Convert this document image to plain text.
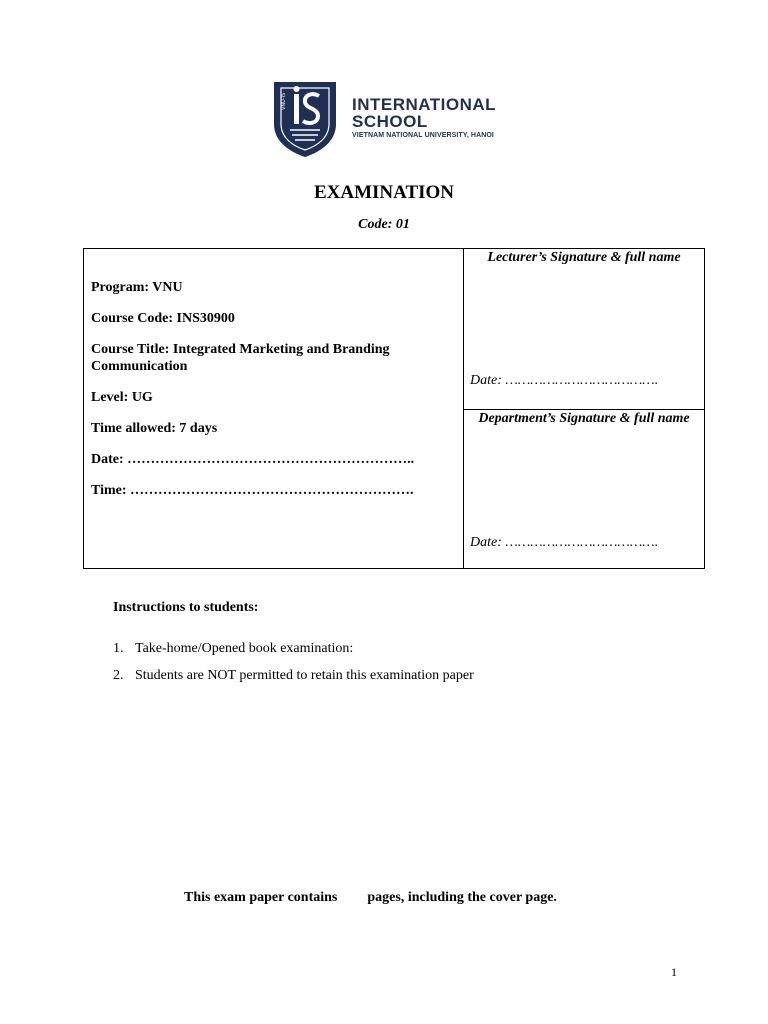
VNU-IS	INTERNATIONAL
SCHOOL
VIETNAM NATIONAL UNIVERSITY, HANOI
EXAMINATION
Code: 01

Program: VNU

Course Code: INS30900

Course Title: Integrated Marketing and Branding Communication

Level: UG

Time allowed: 7 days

Date: ……………………………………………………..

Time: …………………………………………………….

Lecturer’s Signature & full name
Date: ……………………………….
Department’s Signature & full name
Date: ……………………………….
Instructions to students:
1. Take-home/Opened book examination:
2. Students are NOT permitted to retain this examination paper
This exam paper contains pages, including the cover page.
1
